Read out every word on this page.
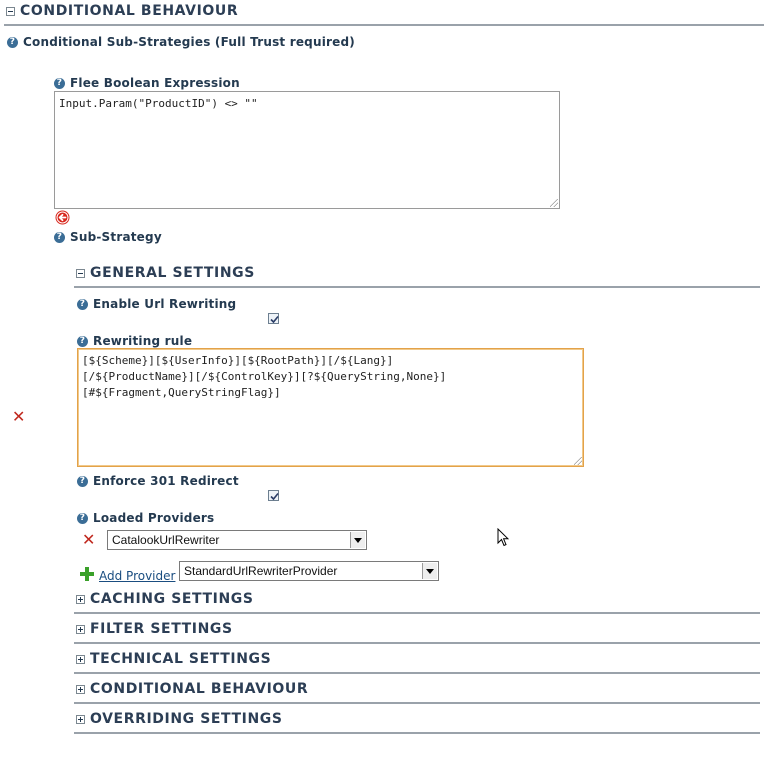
CONDITIONAL BEHAVIOUR
? Conditional Sub-Strategies (Full Trust required)
? Flee Boolean Expression
Input.Param("ProductID") <> ""
? Sub-Strategy
GENERAL SETTINGS
? Enable Url Rewriting
? Rewriting rule
[${Scheme}][${UserInfo}][${RootPath}][/${Lang}]
[/${ProductName}][/${ControlKey}][?${QueryString,None}]
[#${Fragment,QueryStringFlag}]
✕
? Enforce 301 Redirect
? Loaded Providers
✕ CatalookUrlRewriter
Add Provider StandardUrlRewriterProvider
CACHING SETTINGS
FILTER SETTINGS
TECHNICAL SETTINGS
CONDITIONAL BEHAVIOUR
OVERRIDING SETTINGS
